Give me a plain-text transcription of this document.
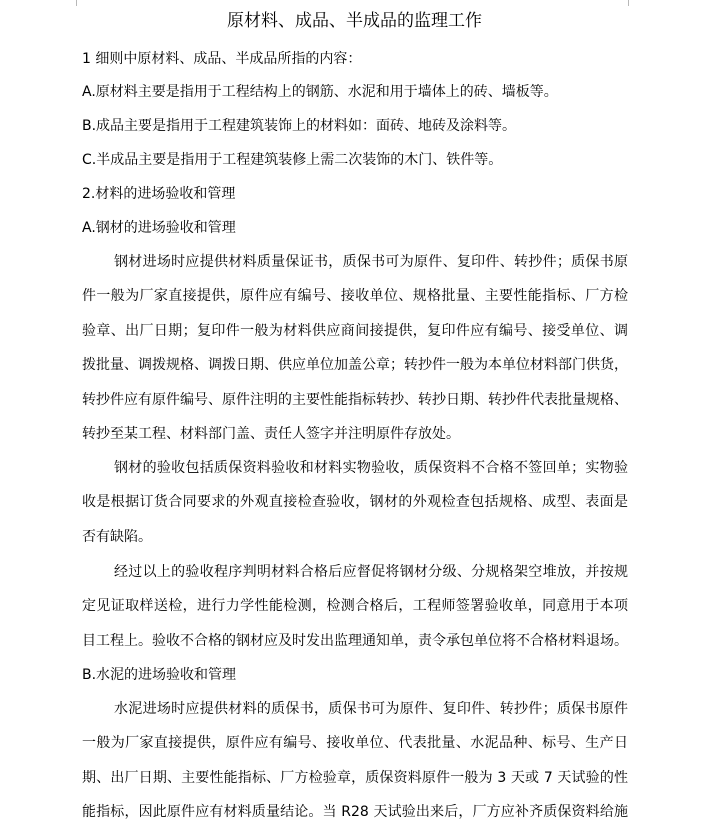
原材料、成品、半成品的监理工作
1 细则中原材料、成品、半成品所指的内容：
A.原材料主要是指用于工程结构上的钢筋、水泥和用于墙体上的砖、墙板等。
B.成品主要是指用于工程建筑装饰上的材料如：面砖、地砖及涂料等。
C.半成品主要是指用于工程建筑装修上需二次装饰的木门、铁件等。
2.材料的进场验收和管理
A.钢材的进场验收和管理
钢材进场时应提供材料质量保证书，质保书可为原件、复印件、转抄件；质保书原
件一般为厂家直接提供，原件应有编号、接收单位、规格批量、主要性能指标、厂方检
验章、出厂日期；复印件一般为材料供应商间接提供，复印件应有编号、接受单位、调
拨批量、调拨规格、调拨日期、供应单位加盖公章；转抄件一般为本单位材料部门供货，
转抄件应有原件编号、原件注明的主要性能指标转抄、转抄日期、转抄件代表批量规格、
转抄至某工程、材料部门盖、责任人签字并注明原件存放处。
钢材的验收包括质保资料验收和材料实物验收，质保资料不合格不签回单；实物验
收是根据订货合同要求的外观直接检查验收，钢材的外观检查包括规格、成型、表面是
否有缺陷。
经过以上的验收程序判明材料合格后应督促将钢材分级、分规格架空堆放，并按规
定见证取样送检，进行力学性能检测，检测合格后，工程师签署验收单，同意用于本项
目工程上。验收不合格的钢材应及时发出监理通知单，责令承包单位将不合格材料退场。
B.水泥的进场验收和管理
水泥进场时应提供材料的质保书，质保书可为原件、复印件、转抄件；质保书原件
一般为厂家直接提供，原件应有编号、接收单位、代表批量、水泥品种、标号、生产日
期、出厂日期、主要性能指标、厂方检验章，质保资料原件一般为 3 天或 7 天试验的性
能指标，因此原件应有材料质量结论。当 R28 天试验出来后，厂方应补齐质保资料给施
